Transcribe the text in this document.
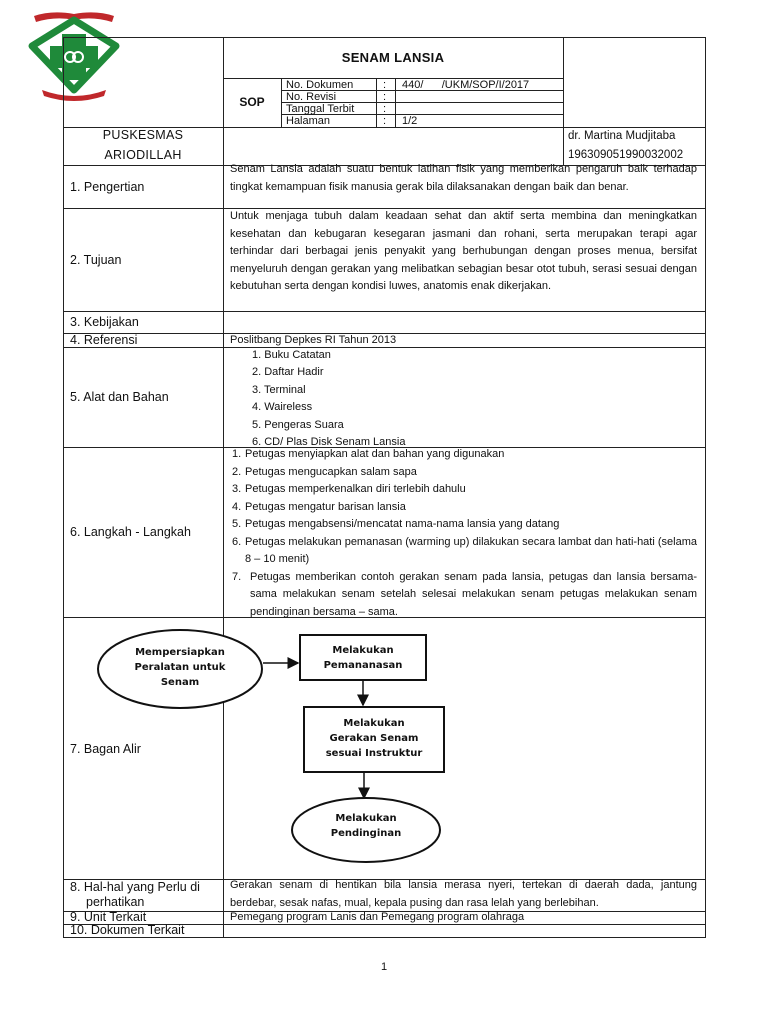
SENAM LANSIA
SOP
No. Dokumen	: 440/      /UKM/SOP/I/2017
No. Revisi	:
Tanggal Terbit	:
Halaman	: 1/2
PUSKESMAS
ARIODILLAH
dr. Martina Mudjitaba
196309051990032002
1. Pengertian
Senam Lansia adalah suatu bentuk latihan fisik yang memberikan pengaruh baik terhadap tingkat kemampuan fisik manusia gerak bila dilaksanakan dengan baik dan benar.
2. Tujuan
Untuk menjaga tubuh dalam keadaan sehat dan aktif serta membina dan meningkatkan kesehatan dan kebugaran kesegaran jasmani dan rohani, serta merupakan terapi agar terhindar dari berbagai jenis penyakit yang berhubungan dengan proses menua, bersifat menyeluruh dengan gerakan yang melibatkan sebagian besar otot tubuh, serasi sesuai dengan kebutuhan serta dengan kondisi luwes, anatomis enak dikerjakan.
3. Kebijakan
4. Referensi	Poslitbang Depkes RI Tahun 2013
5. Alat dan Bahan
1. Buku Catatan
2. Daftar Hadir
3. Terminal
4. Waireless
5. Pengeras Suara
6. CD/ Plas Disk Senam Lansia
6. Langkah - Langkah
1. Petugas menyiapkan alat dan bahan yang digunakan
2. Petugas mengucapkan salam sapa
3. Petugas memperkenalkan diri terlebih dahulu
4. Petugas mengatur barisan lansia
5. Petugas mengabsensi/mencatat nama-nama lansia yang datang
6. Petugas melakukan pemanasan (warming up) dilakukan secara lambat dan hati-hati (selama 8 – 10 menit)
7. Petugas memberikan contoh gerakan senam pada lansia, petugas dan lansia bersama-sama melakukan senam setelah selesai melakukan senam petugas melakukan senam pendinginan bersama – sama.
7. Bagan Alir
Mempersiapkan
Peralatan untuk
Senam
Melakukan
Pemananasan
Melakukan
Gerakan Senam
sesuai Instruktur
Melakukan
Pendinginan
8. Hal-hal yang Perlu di
perhatikan
Gerakan senam di hentikan bila lansia merasa nyeri, tertekan di daerah dada, jantung berdebar, sesak nafas, mual, kepala pusing dan rasa lelah yang berlebihan.
9. Unit Terkait	Pemegang program Lanis dan Pemegang program olahraga
10. Dokumen Terkait
1
